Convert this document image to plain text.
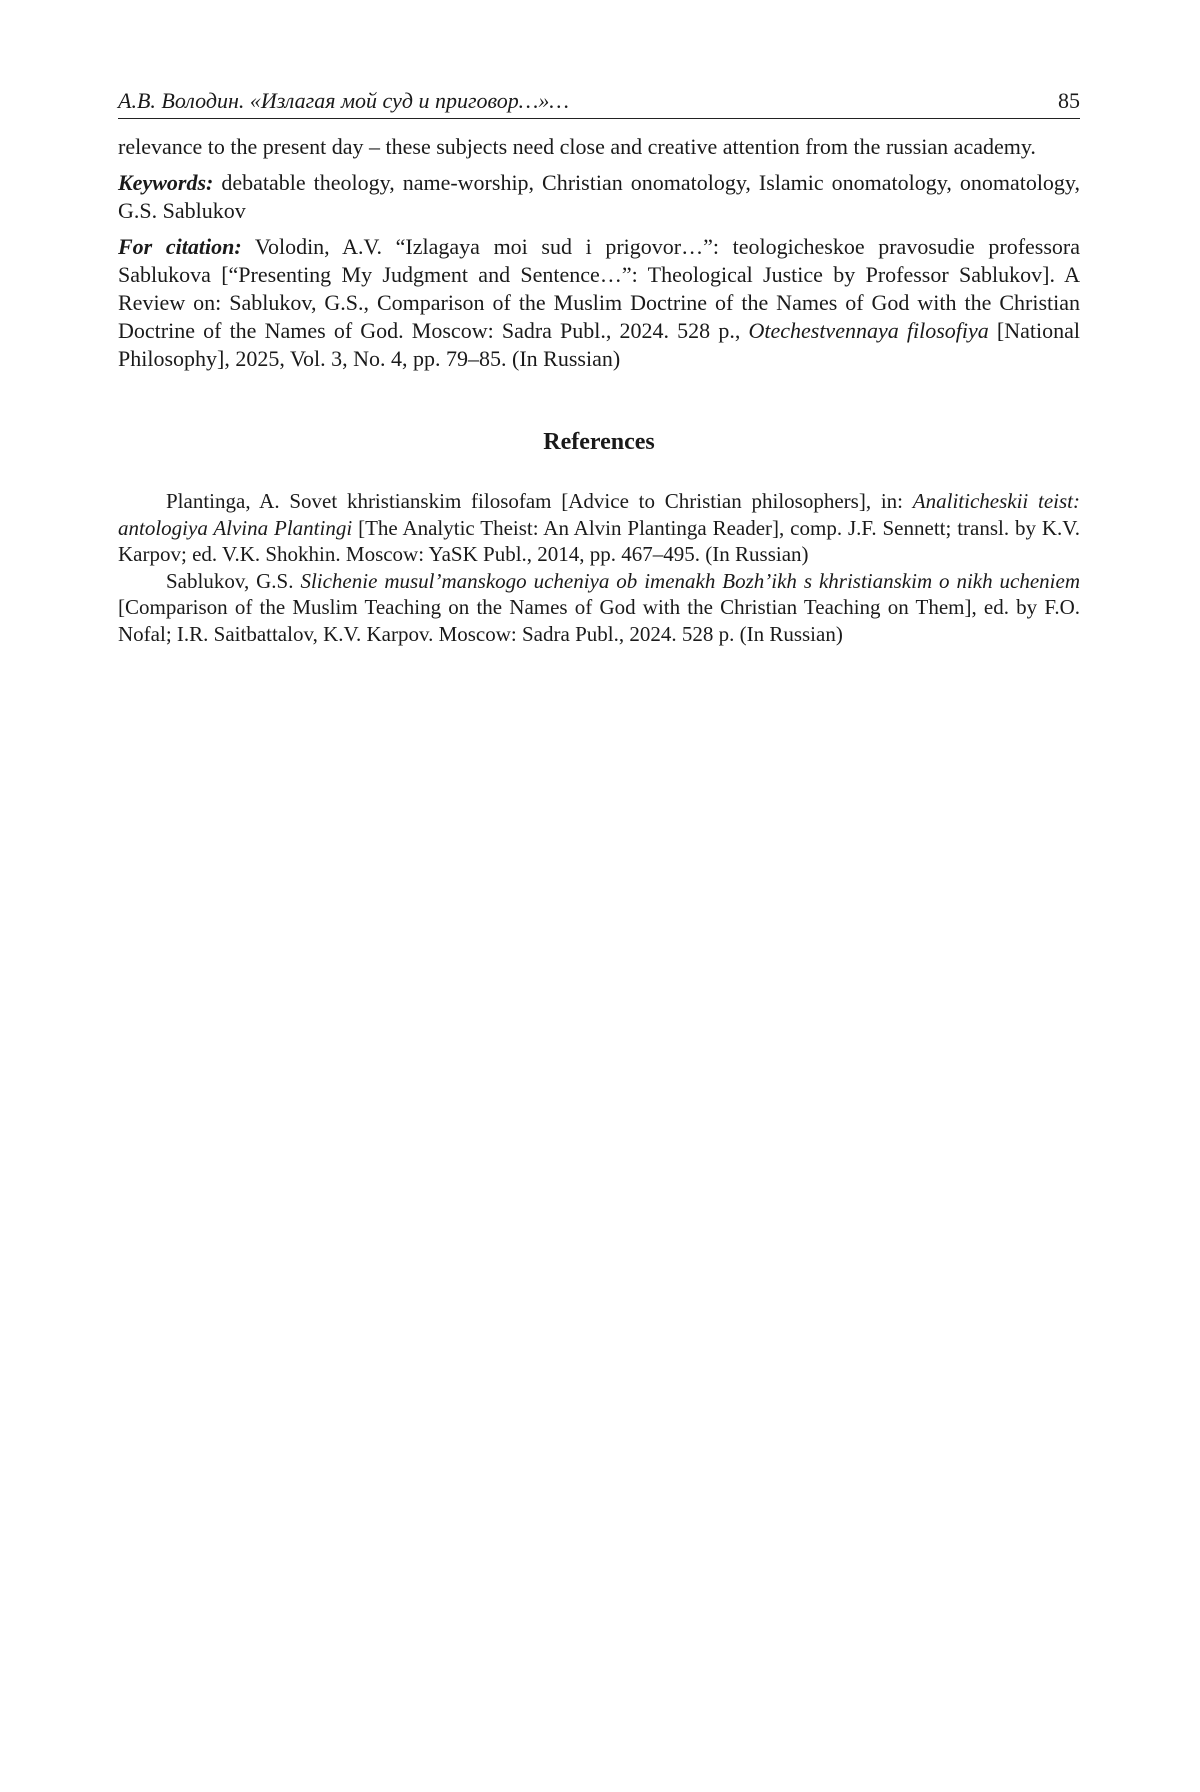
А.В. Володин. «Излагая мой суд и приговор…»…	85

relevance to the present day – these subjects need close and creative attention from the russian academy.

Keywords: debatable theology, name-worship, Christian onomatology, Islamic onomatology, onomatology, G.S. Sablukov

For citation: Volodin, A.V. “Izlagaya moi sud i prigovor…”: teologicheskoe pravosudie professora Sablukova [“Presenting My Judgment and Sentence…”: Theological Justice by Professor Sablukov]. A Review on: Sablukov, G.S., Comparison of the Muslim Doctrine of the Names of God with the Christian Doctrine of the Names of God. Moscow: Sadra Publ., 2024. 528 p., Otechestvennaya filosofiya [National Philosophy], 2025, Vol. 3, No. 4, pp. 79–85. (In Russian)

References

Plantinga, A. Sovet khristianskim filosofam [Advice to Christian philosophers], in: Analiticheskii teist: antologiya Alvina Plantingi [The Analytic Theist: An Alvin Plantinga Reader], comp. J.F. Sennett; transl. by K.V. Karpov; ed. V.K. Shokhin. Moscow: YaSK Publ., 2014, pp. 467–495. (In Russian)

Sablukov, G.S. Slichenie musul’manskogo ucheniya ob imenakh Bozh’ikh s khristianskim o nikh ucheniem [Comparison of the Muslim Teaching on the Names of God with the Christian Teaching on Them], ed. by F.O. Nofal; I.R. Saitbattalov, K.V. Karpov. Moscow: Sadra Publ., 2024. 528 p. (In Russian)
